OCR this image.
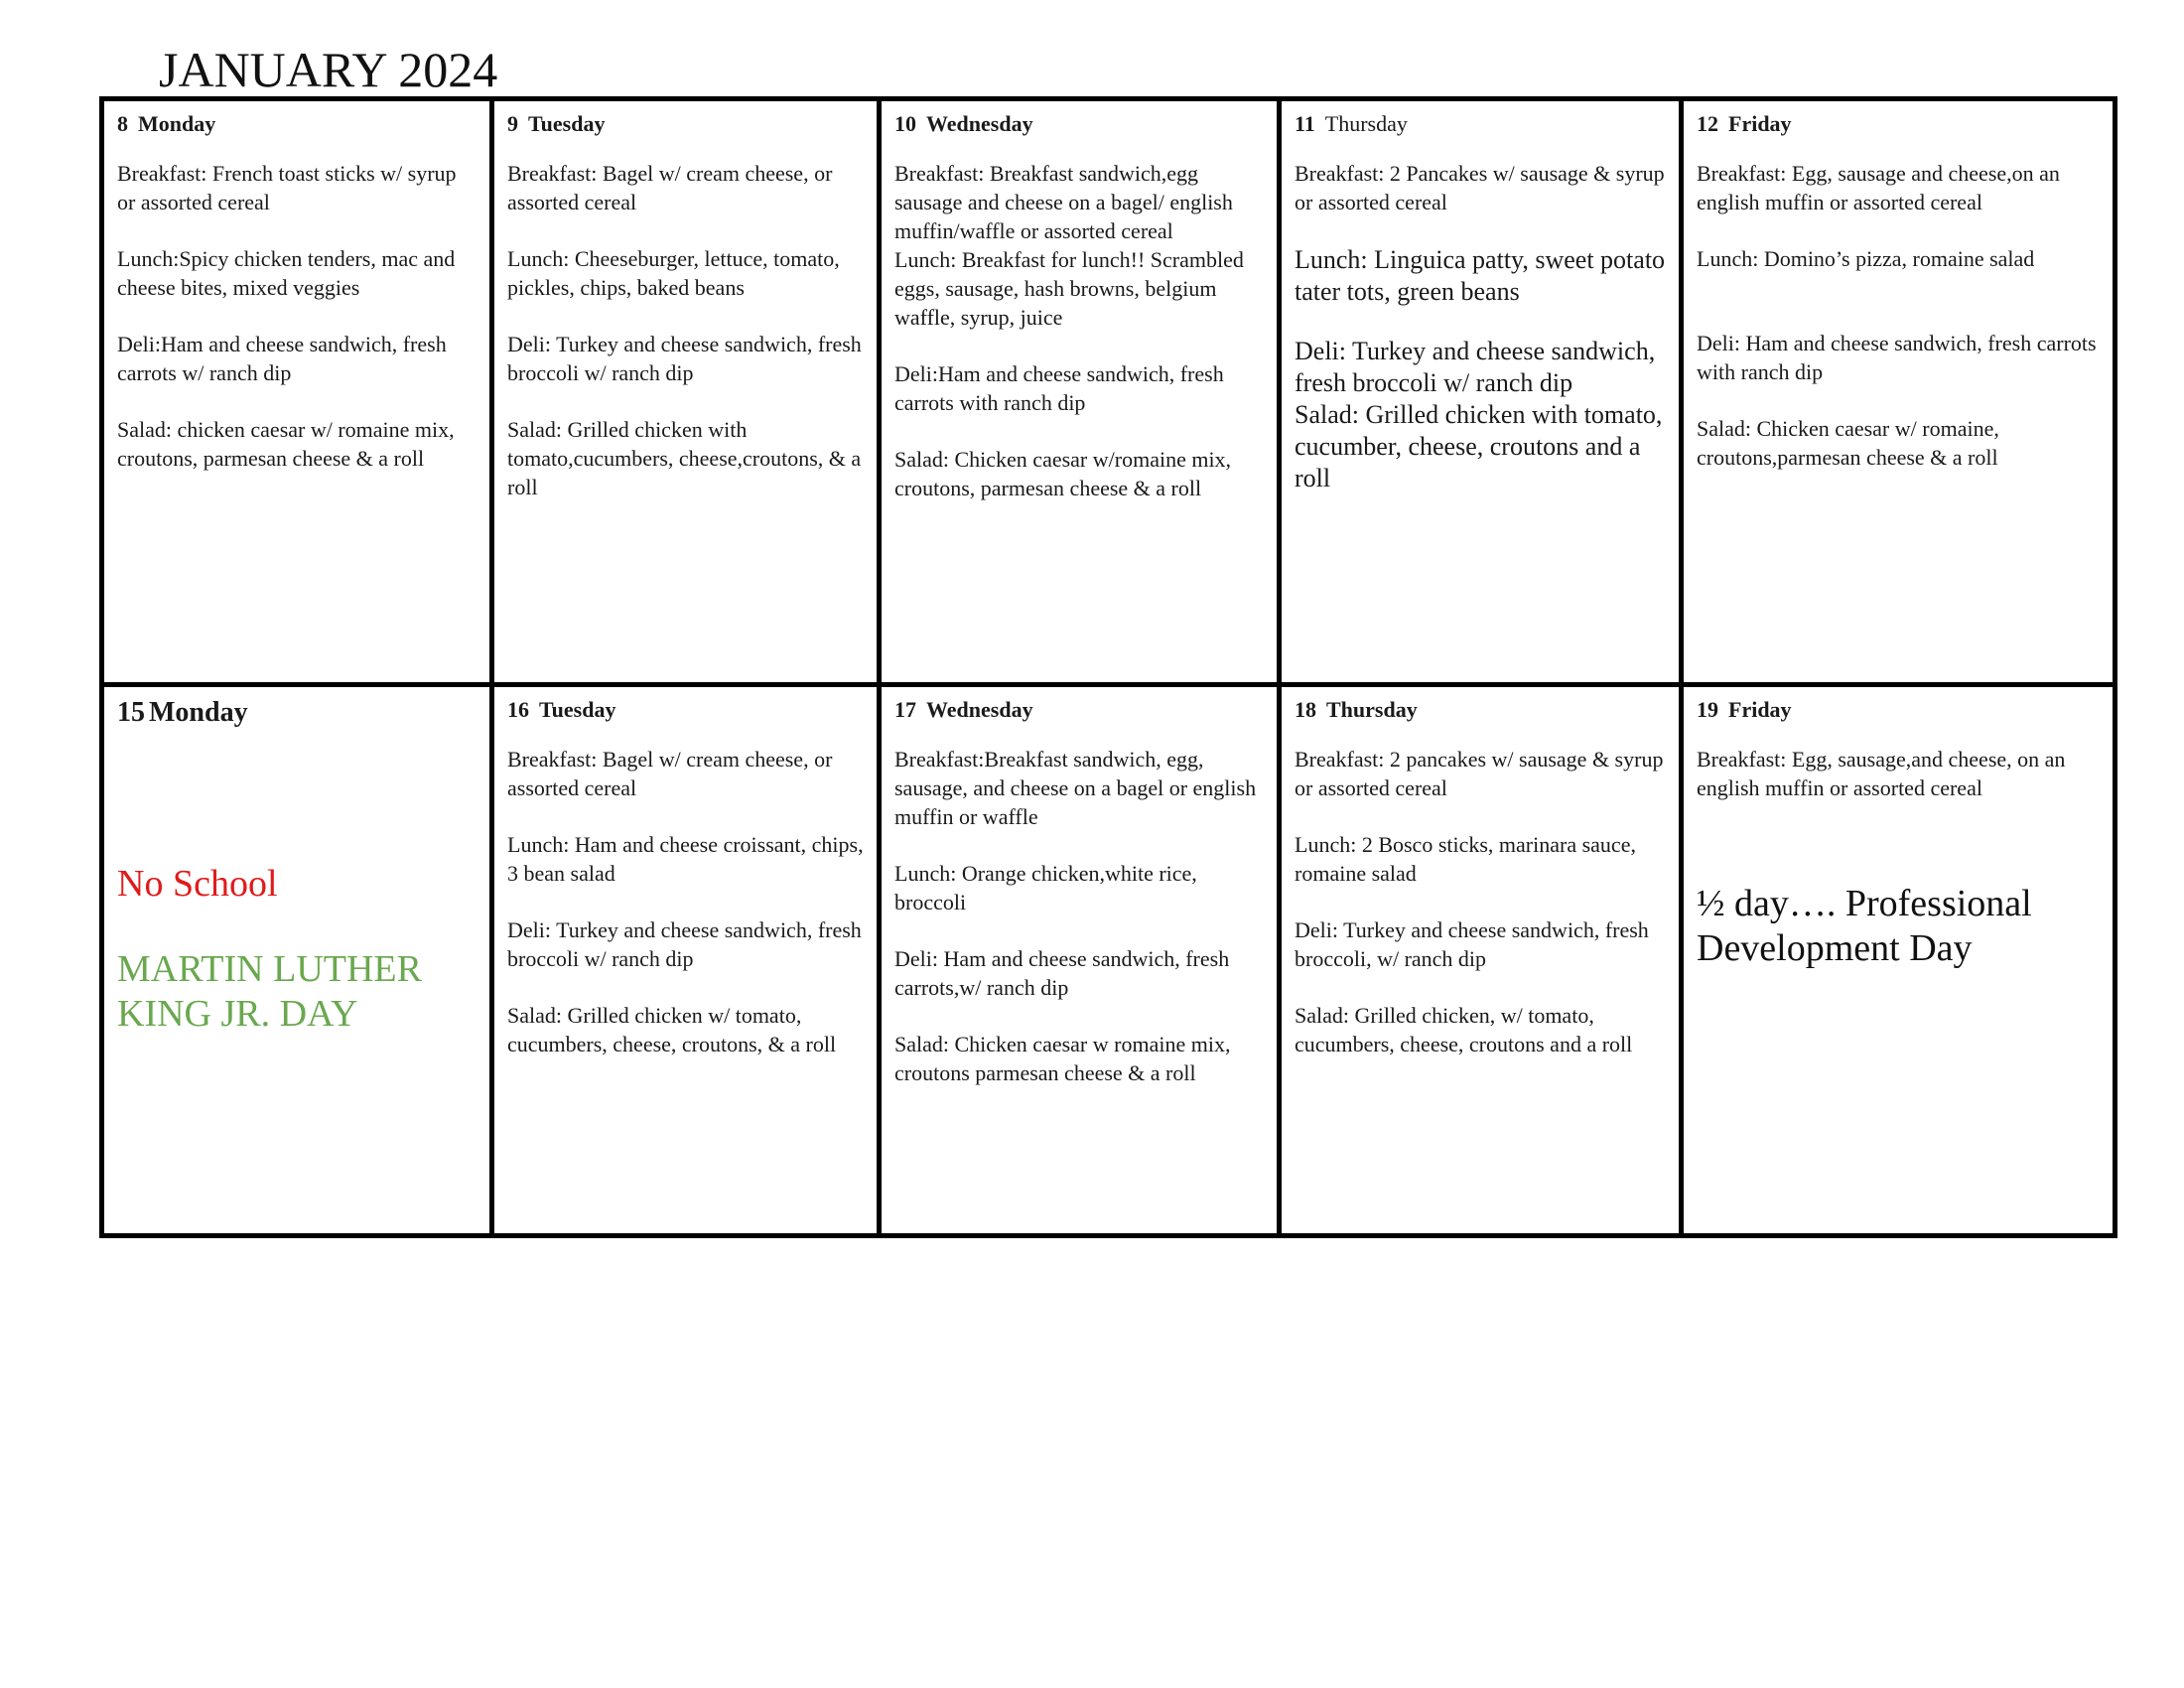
JANUARY 2024
8 Monday
Breakfast: French toast sticks w/ syrup or assorted cereal
Lunch:Spicy chicken tenders, mac and cheese bites, mixed veggies
Deli:Ham and cheese sandwich, fresh carrots w/ ranch dip
Salad: chicken caesar w/ romaine mix, croutons, parmesan cheese & a roll
9 Tuesday
Breakfast: Bagel w/ cream cheese, or assorted cereal
Lunch: Cheeseburger, lettuce, tomato, pickles, chips, baked beans
Deli: Turkey and cheese sandwich, fresh broccoli w/ ranch dip
Salad: Grilled chicken with tomato,cucumbers, cheese,croutons, & a roll
10 Wednesday
Breakfast: Breakfast sandwich,egg sausage and cheese on a bagel/ english muffin/waffle or assorted cereal
Lunch: Breakfast for lunch!! Scrambled eggs, sausage, hash browns, belgium waffle, syrup, juice
Deli:Ham and cheese sandwich, fresh carrots with ranch dip
Salad: Chicken caesar w/romaine mix, croutons, parmesan cheese & a roll
11 Thursday
Breakfast: 2 Pancakes w/ sausage & syrup or assorted cereal
Lunch: Linguica patty, sweet potato tater tots, green beans
Deli: Turkey and cheese sandwich, fresh broccoli w/ ranch dip
Salad: Grilled chicken with tomato, cucumber, cheese, croutons and a roll
12 Friday
Breakfast: Egg, sausage and cheese,on an english muffin or assorted cereal
Lunch: Domino’s pizza, romaine salad
Deli: Ham and cheese sandwich, fresh carrots with ranch dip
Salad: Chicken caesar w/ romaine, croutons,parmesan cheese & a roll
15 Monday
No School
MARTIN LUTHER KING JR. DAY
16 Tuesday
Breakfast: Bagel w/ cream cheese, or assorted cereal
Lunch: Ham and cheese croissant, chips, 3 bean salad
Deli: Turkey and cheese sandwich, fresh broccoli w/ ranch dip
Salad: Grilled chicken w/ tomato, cucumbers, cheese, croutons, & a roll
17 Wednesday
Breakfast:Breakfast sandwich, egg, sausage, and cheese on a bagel or english muffin or waffle
Lunch: Orange chicken,white rice, broccoli
Deli: Ham and cheese sandwich, fresh carrots,w/ ranch dip
Salad: Chicken caesar w romaine mix, croutons parmesan cheese & a roll
18 Thursday
Breakfast: 2 pancakes w/ sausage & syrup or assorted cereal
Lunch: 2 Bosco sticks, marinara sauce, romaine salad
Deli: Turkey and cheese sandwich, fresh broccoli, w/ ranch dip
Salad: Grilled chicken, w/ tomato, cucumbers, cheese, croutons and a roll
19 Friday
Breakfast: Egg, sausage,and cheese, on an english muffin or assorted cereal
½ day…. Professional Development Day
